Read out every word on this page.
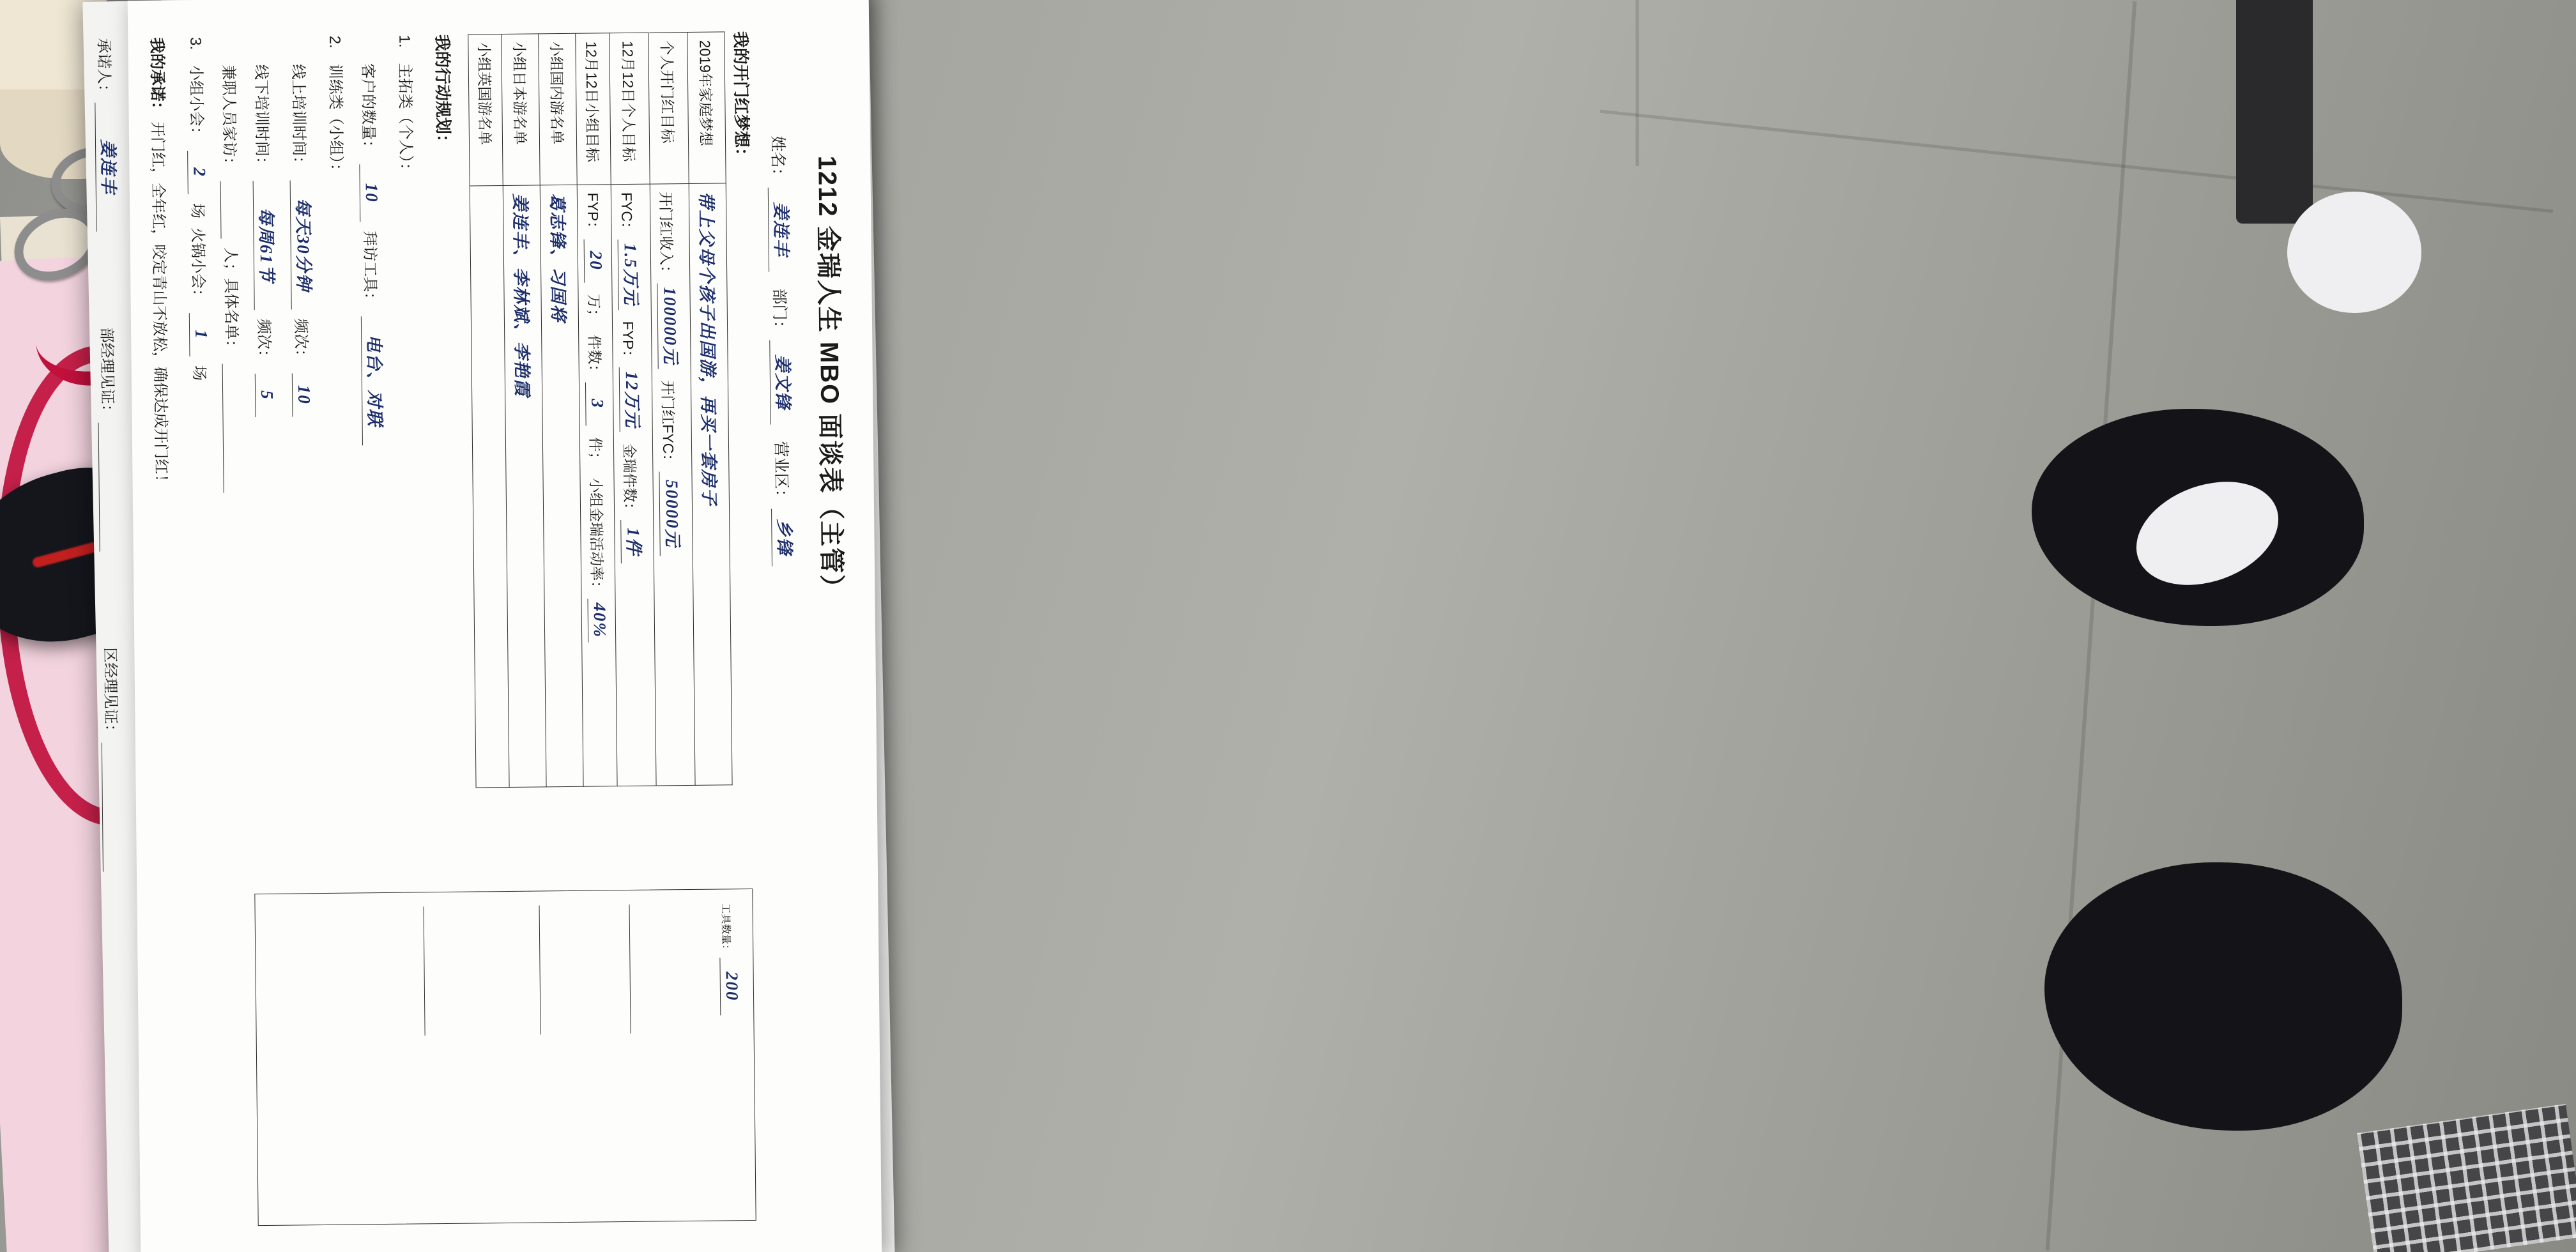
1212 金瑞人生 MBO 面谈表（主管）
姓名：
姜连丰
部门：
姜文锋
营业区：
乡锋
我的开门红梦想：
2019年家庭梦想	带上父母个孩子出国游，再买一套房子
个人开门红目标	开门红收入：
100000元
开门红FYC：
50000元

12月12日个人目标	
FYC：
1.5万元
FYP：
12万元
金瑞件数：
1件

12月12日小组目标	
FYP：
20
万；
件数：
3
件；
小组金瑞活动率：
40%

小组国内游名单	葛志锋、习国将
小组日本游名单	姜连丰、李林斌、李艳霞
小组英国游名单	
我的行动规划：
1.
主拓类（个人）：
客户的数量：
10
拜访工具：
电台、对联
2.
训练类（小组）：
线上培训时间：
每天30分钟
频次：
10
线下培训时间：
每周61节
频次：
5
兼职人员家访：
人；具体名单：
3.
小组小会：
2
场
火锅小会：
1
场
我的承诺： 开门红，全年红，咬定青山不放松，确保达成开门红！
承诺人：
姜连丰
部经理见证：
区经理见证：
工具数量：
200
